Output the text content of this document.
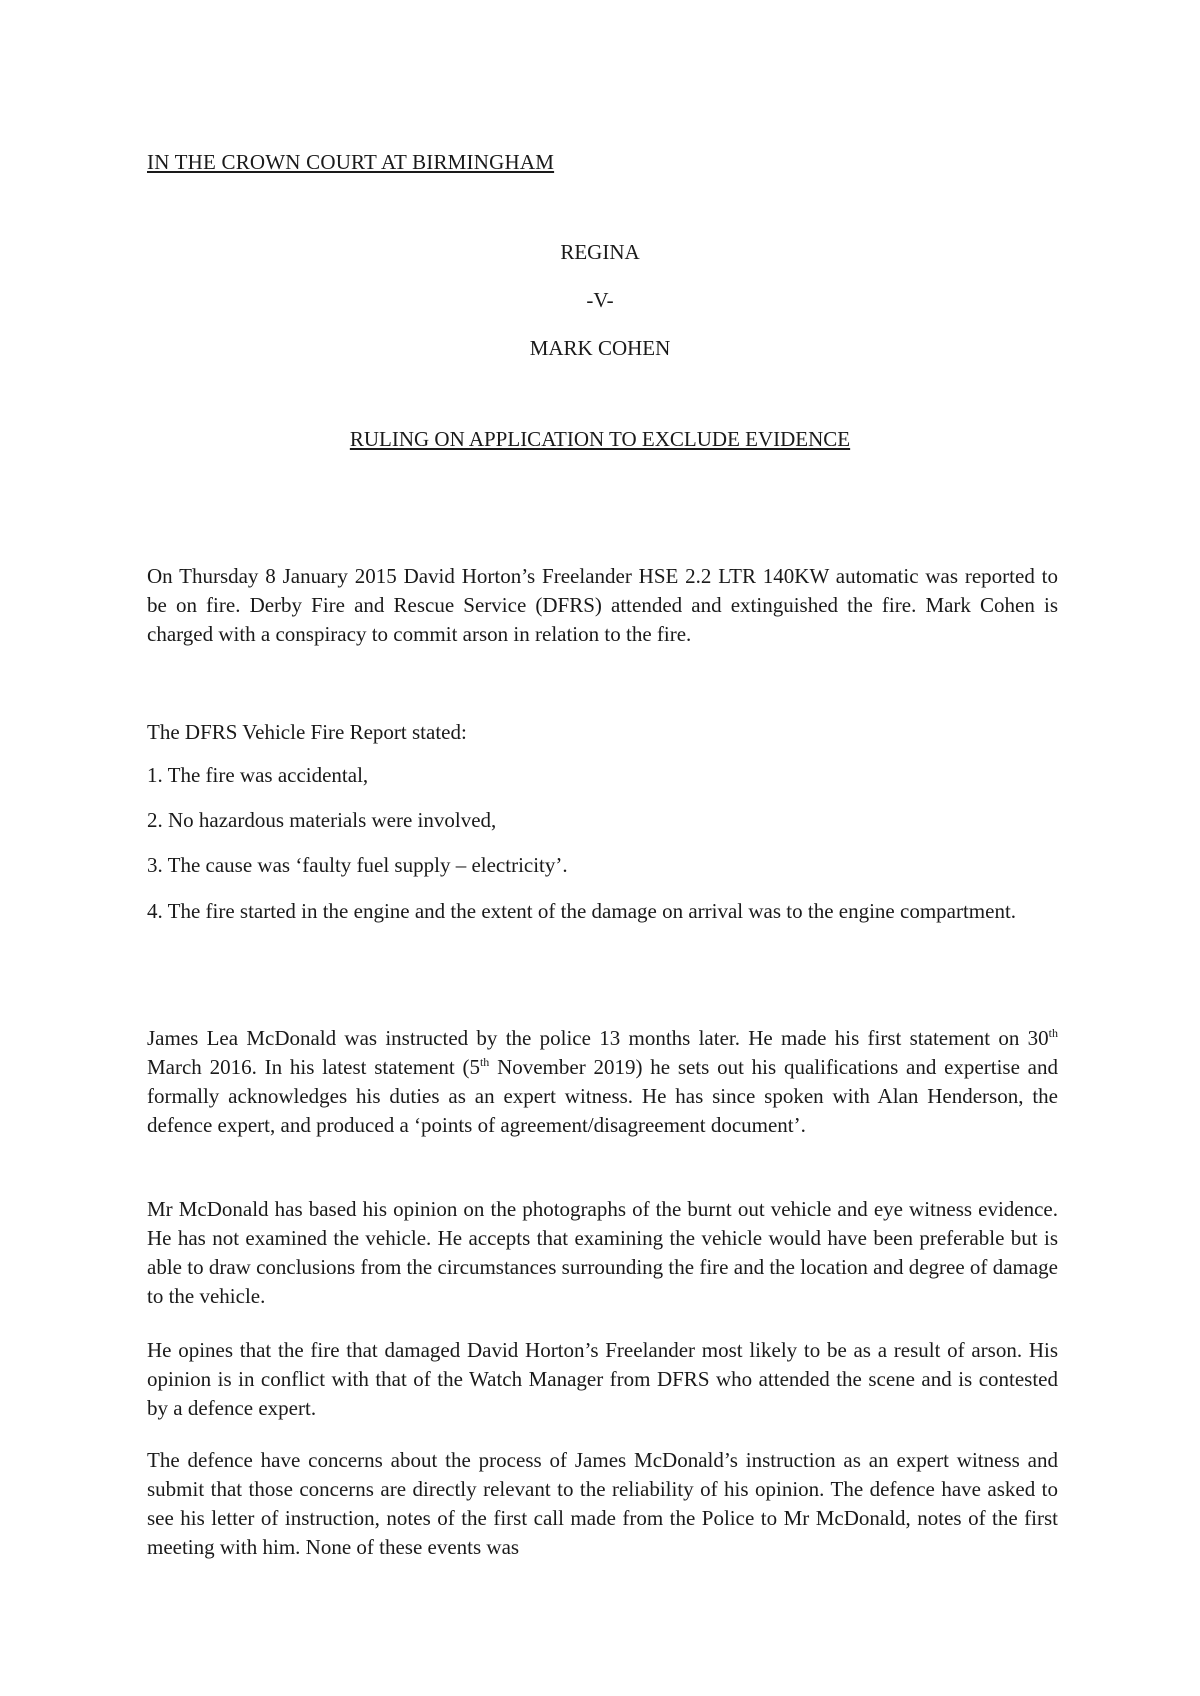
IN THE CROWN COURT AT BIRMINGHAM
REGINA
-V-
MARK COHEN
RULING ON APPLICATION TO EXCLUDE EVIDENCE

On Thursday 8 January 2015 David Horton’s Freelander HSE 2.2 LTR 140KW automatic was reported to be on fire. Derby Fire and Rescue Service (DFRS) attended and extinguished the fire. Mark Cohen is charged with a conspiracy to commit arson in relation to the fire.

The DFRS Vehicle Fire Report stated:

1. The fire was accidental,

2. No hazardous materials were involved,

3. The cause was ‘faulty fuel supply – electricity’.

4. The fire started in the engine and the extent of the damage on arrival was to the engine compartment.

James Lea McDonald was instructed by the police 13 months later. He made his first statement on 30th March 2016. In his latest statement (5th November 2019) he sets out his qualifications and expertise and formally acknowledges his duties as an expert witness. He has since spoken with Alan Henderson, the defence expert, and produced a ‘points of agreement/disagreement document’.

Mr McDonald has based his opinion on the photographs of the burnt out vehicle and eye witness evidence. He has not examined the vehicle. He accepts that examining the vehicle would have been preferable but is able to draw conclusions from the circumstances surrounding the fire and the location and degree of damage to the vehicle.

He opines that the fire that damaged David Horton’s Freelander most likely to be as a result of arson. His opinion is in conflict with that of the Watch Manager from DFRS who attended the scene and is contested by a defence expert.

The defence have concerns about the process of James McDonald’s instruction as an expert witness and submit that those concerns are directly relevant to the reliability of his opinion. The defence have asked to see his letter of instruction, notes of the first call made from the Police to Mr McDonald, notes of the first meeting with him. None of these events was
